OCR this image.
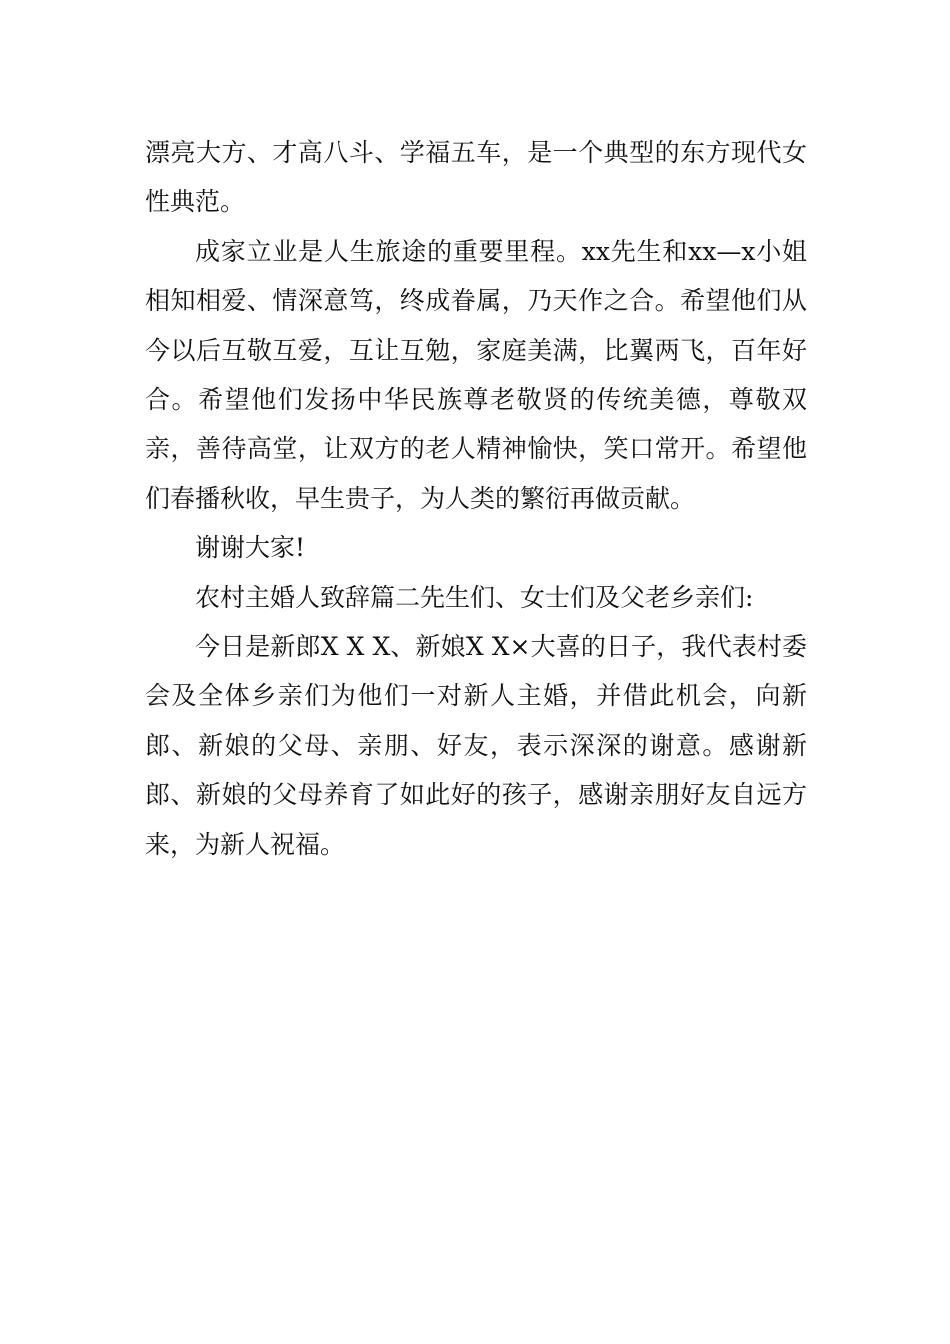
漂亮大方、才高八斗、学福五车，是一个典型的东方现代女性典范。

成家立业是人生旅途的重要里程。xx先生和xx—x小姐相知相爱、情深意笃，终成眷属，乃天作之合。希望他们从今以后互敬互爱，互让互勉，家庭美满，比翼两飞，百年好合。希望他们发扬中华民族尊老敬贤的传统美德，尊敬双亲，善待高堂，让双方的老人精神愉快，笑口常开。希望他们春播秋收，早生贵子，为人类的繁衍再做贡献。

谢谢大家!

农村主婚人致辞篇二先生们、女士们及父老乡亲们:

今日是新郎X X X、新娘X X×大喜的日子，我代表村委会及全体乡亲们为他们一对新人主婚，并借此机会，向新郎、新娘的父母、亲朋、好友，表示深深的谢意。感谢新郎、新娘的父母养育了如此好的孩子，感谢亲朋好友自远方来，为新人祝福。
